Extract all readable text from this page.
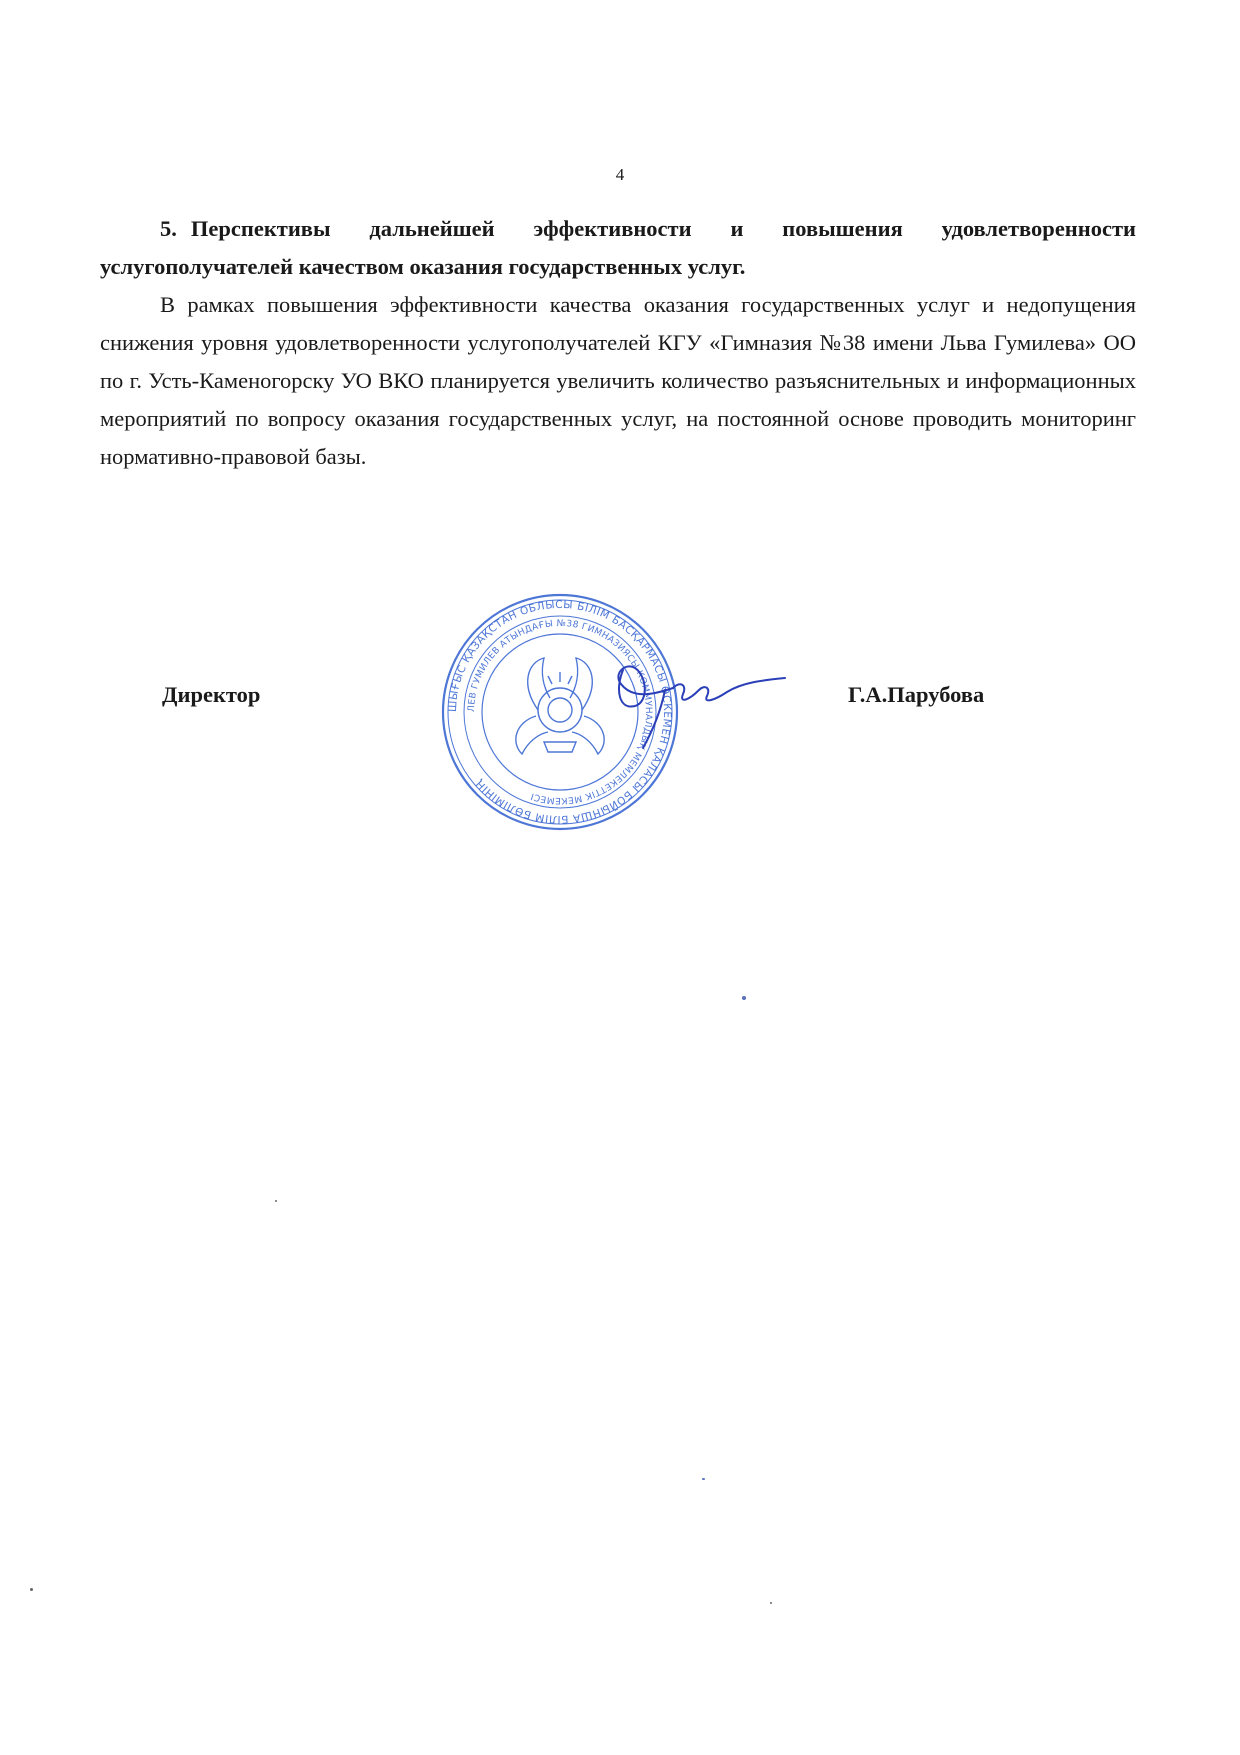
4

5. Перспективы дальнейшей эффективности и повышения удовлетворенности услугополучателей качеством оказания государственных услуг.

В рамках повышения эффективности качества оказания государственных услуг и недопущения снижения уровня удовлетворенности услугополучателей КГУ «Гимназия №38 имени Льва Гумилева» ОО по г. Усть-Каменогорску УО ВКО планируется увеличить количество разъяснительных и информационных мероприятий по вопросу оказания государственных услуг, на постоянной основе проводить мониторинг нормативно-правовой базы.

ШЫҒЫС ҚАЗАҚСТАН ОБЛЫСЫ БІЛІМ БАСҚАРМАСЫ ӨСКЕМЕН ҚАЛАСЫ БОЙЫНША БІЛІМ БӨЛІМІНІҢ
ЛЕВ ГУМИЛЕВ АТЫНДАҒЫ №38 ГИМНАЗИЯСЫ КОММУНАЛДЫҚ МЕМЛЕКЕТТІК МЕКЕМЕСІ
Директор	Г.А.Парубова
